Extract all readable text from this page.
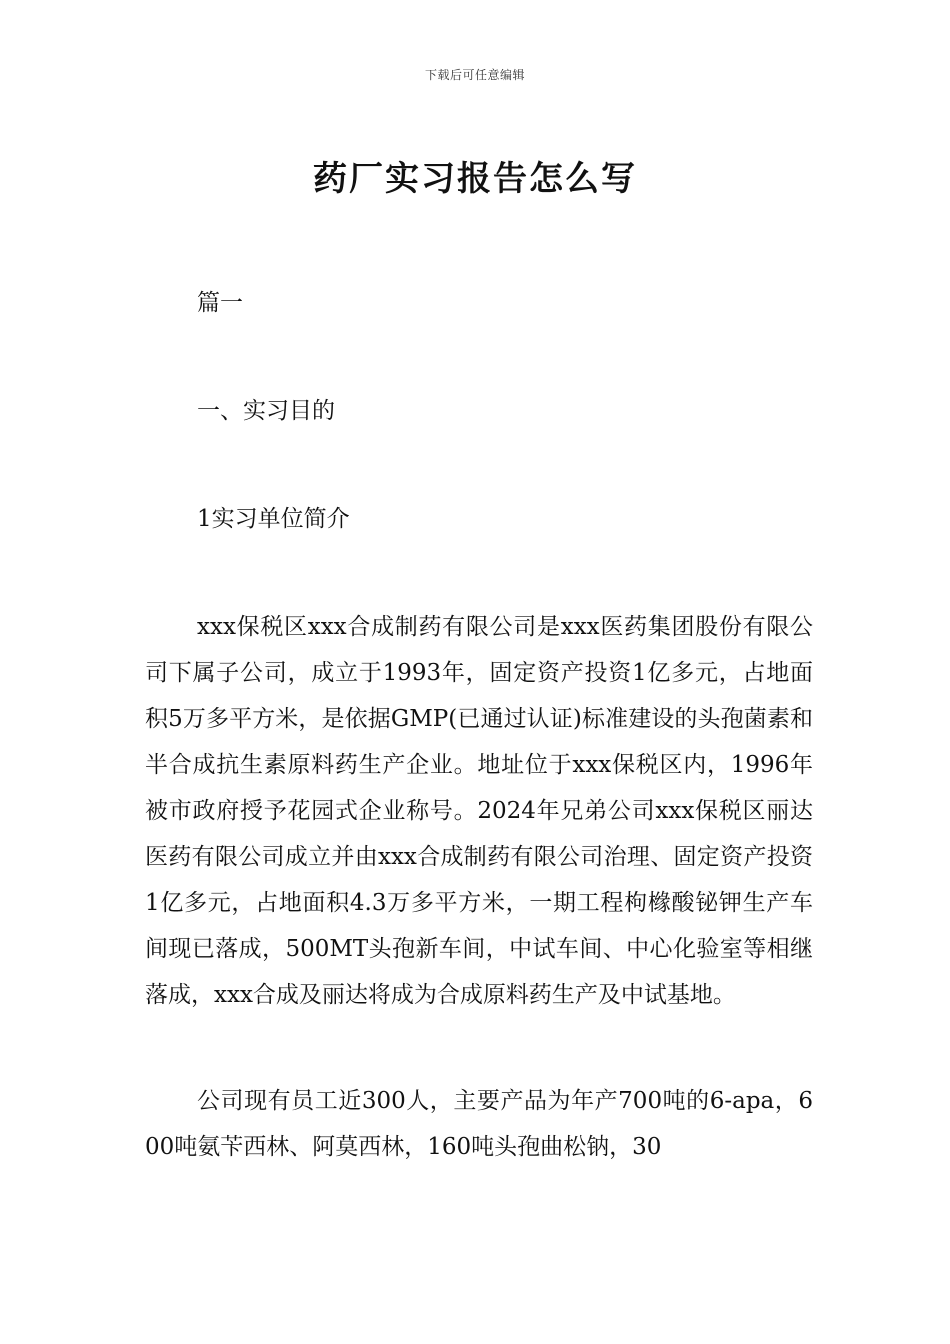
下载后可任意编辑
药厂实习报告怎么写

篇一

一、实习目的

1实习单位简介

xxx保税区xxx合成制药有限公司是xxx医药集团股份有限公司下属子公司，成立于1993年，固定资产投资1亿多元，占地面积5万多平方米，是依据GMP(已通过认证)标准建设的头孢菌素和半合成抗生素原料药生产企业。地址位于xxx保税区内，1996年被市政府授予花园式企业称号。2024年兄弟公司xxx保税区丽达医药有限公司成立并由xxx合成制药有限公司治理、固定资产投资1亿多元，占地面积4.3万多平方米，一期工程枸橼酸铋钾生产车间现已落成，500MT头孢新车间，中试车间、中心化验室等相继落成，xxx合成及丽达将成为合成原料药生产及中试基地。

公司现有员工近300人，主要产品为年产700吨的6-apa，600吨氨苄西林、阿莫西林，160吨头孢曲松钠，30
